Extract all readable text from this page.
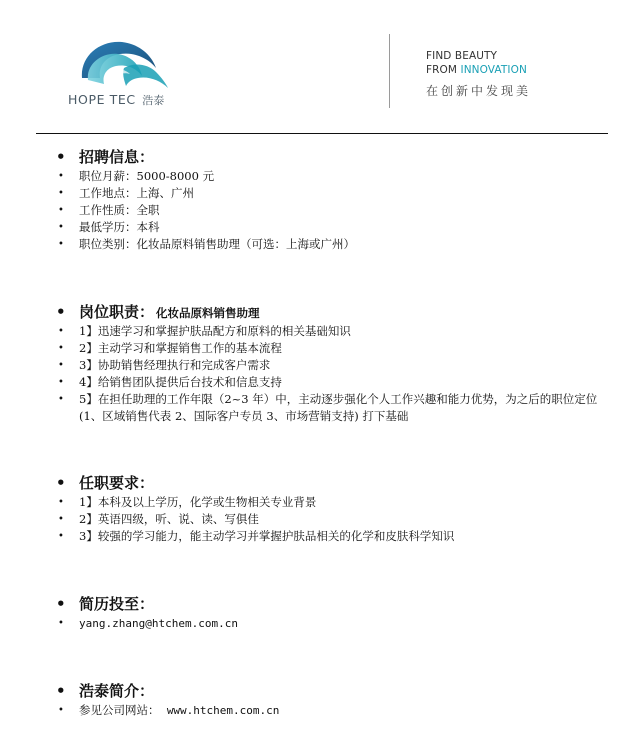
HOPE TEC 浩泰
FIND BEAUTY
FROM INNOVATION
在创新中发现美
• 招聘信息：
• 职位月薪：5000-8000 元
• 工作地点：上海、广州
• 工作性质：全职
• 最低学历：本科
• 职位类别：化妆品原料销售助理（可选：上海或广州）
• 岗位职责： 化妆品原料销售助理
• 1】迅速学习和掌握护肤品配方和原料的相关基础知识
• 2】主动学习和掌握销售工作的基本流程
• 3】协助销售经理执行和完成客户需求
• 4】给销售团队提供后台技术和信息支持
• 5】在担任助理的工作年限（2~3 年）中，主动逐步强化个人工作兴趣和能力优势，为之后的职位定位(1、区域销售代表 2、国际客户专员 3、市场营销支持) 打下基础
• 任职要求：
• 1】本科及以上学历，化学或生物相关专业背景
• 2】英语四级，听、说、读、写俱佳
• 3】较强的学习能力，能主动学习并掌握护肤品相关的化学和皮肤科学知识
• 简历投至：
• yang.zhang@htchem.com.cn
• 浩泰简介：
• 参见公司网站： www.htchem.com.cn
